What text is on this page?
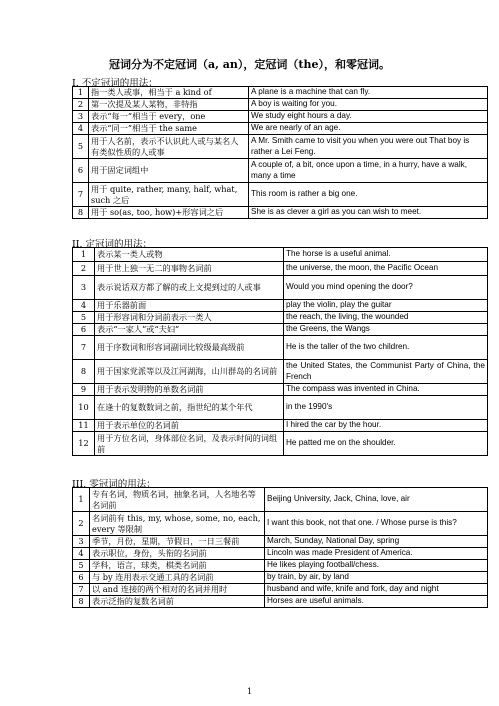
冠词分为不定冠词（a, an），定冠词（the），和零冠词。
I. 不定冠词的用法：
1	指一类人或事，相当于 a kind of	A plane is a machine that can fly.
2	第一次提及某人某物，非特指	A boy is waiting for you.
3	表示“每一”相当于 every，one	We study eight hours a day.
4	表示“同一”相当于 the same	We are nearly of an age.
5	用于人名前，表示不认识此人或与某名人有类似性质的人或事	A Mr. Smith came to visit you when you were out That boy is rather a Lei Feng.
6	用于固定词组中	A couple of, a bit, once upon a time, in a hurry, have a walk, many a time
7	用于 quite, rather, many, half, what, such 之后	This room is rather a big one.
8	用于 so(as, too, how)+形容词之后	She is as clever a girl as you can wish to meet.
II. 定冠词的用法：
1	表示某一类人或物	The horse is a useful animal.
2	用于世上独一无二的事物名词前	the universe, the moon, the Pacific Ocean
3	表示说话双方都了解的或上文提到过的人或事	Would you mind opening the door?
4	用于乐器前面	play the violin, play the guitar
5	用于形容词和分词前表示一类人	the reach, the living, the wounded
6	表示“一家人”或“夫妇”	the Greens, the Wangs
7	用于序数词和形容词副词比较级最高级前	He is the taller of the two children.
8	用于国家党派等以及江河湖海，山川群岛的名词前	the United States, the Communist Party of China, the French
9	用于表示发明物的单数名词前	The compass was invented in China.
10	在逢十的复数数词之前，指世纪的某个年代	in the 1990's
11	用于表示单位的名词前	I hired the car by the hour.
12	用于方位名词，身体部位名词，及表示时间的词组前	He patted me on the shoulder.
III. 零冠词的用法：
1	专有名词，物质名词，抽象名词，人名地名等名词前	Beijing University, Jack, China, love, air
2	名词前有 this, my, whose, some, no, each, every 等限制	I want this book, not that one. / Whose purse is this?
3	季节，月份，星期，节假日，一日三餐前	March, Sunday, National Day, spring
4	表示职位，身份，头衔的名词前	Lincoln was made President of America.
5	学科，语言，球类，棋类名词前	He likes playing football/chess.
6	与 by 连用表示交通工具的名词前	by train, by air, by land
7	以 and 连接的两个相对的名词并用时	husband and wife, knife and fork, day and night
8	表示泛指的复数名词前	Horses are useful animals.
1
